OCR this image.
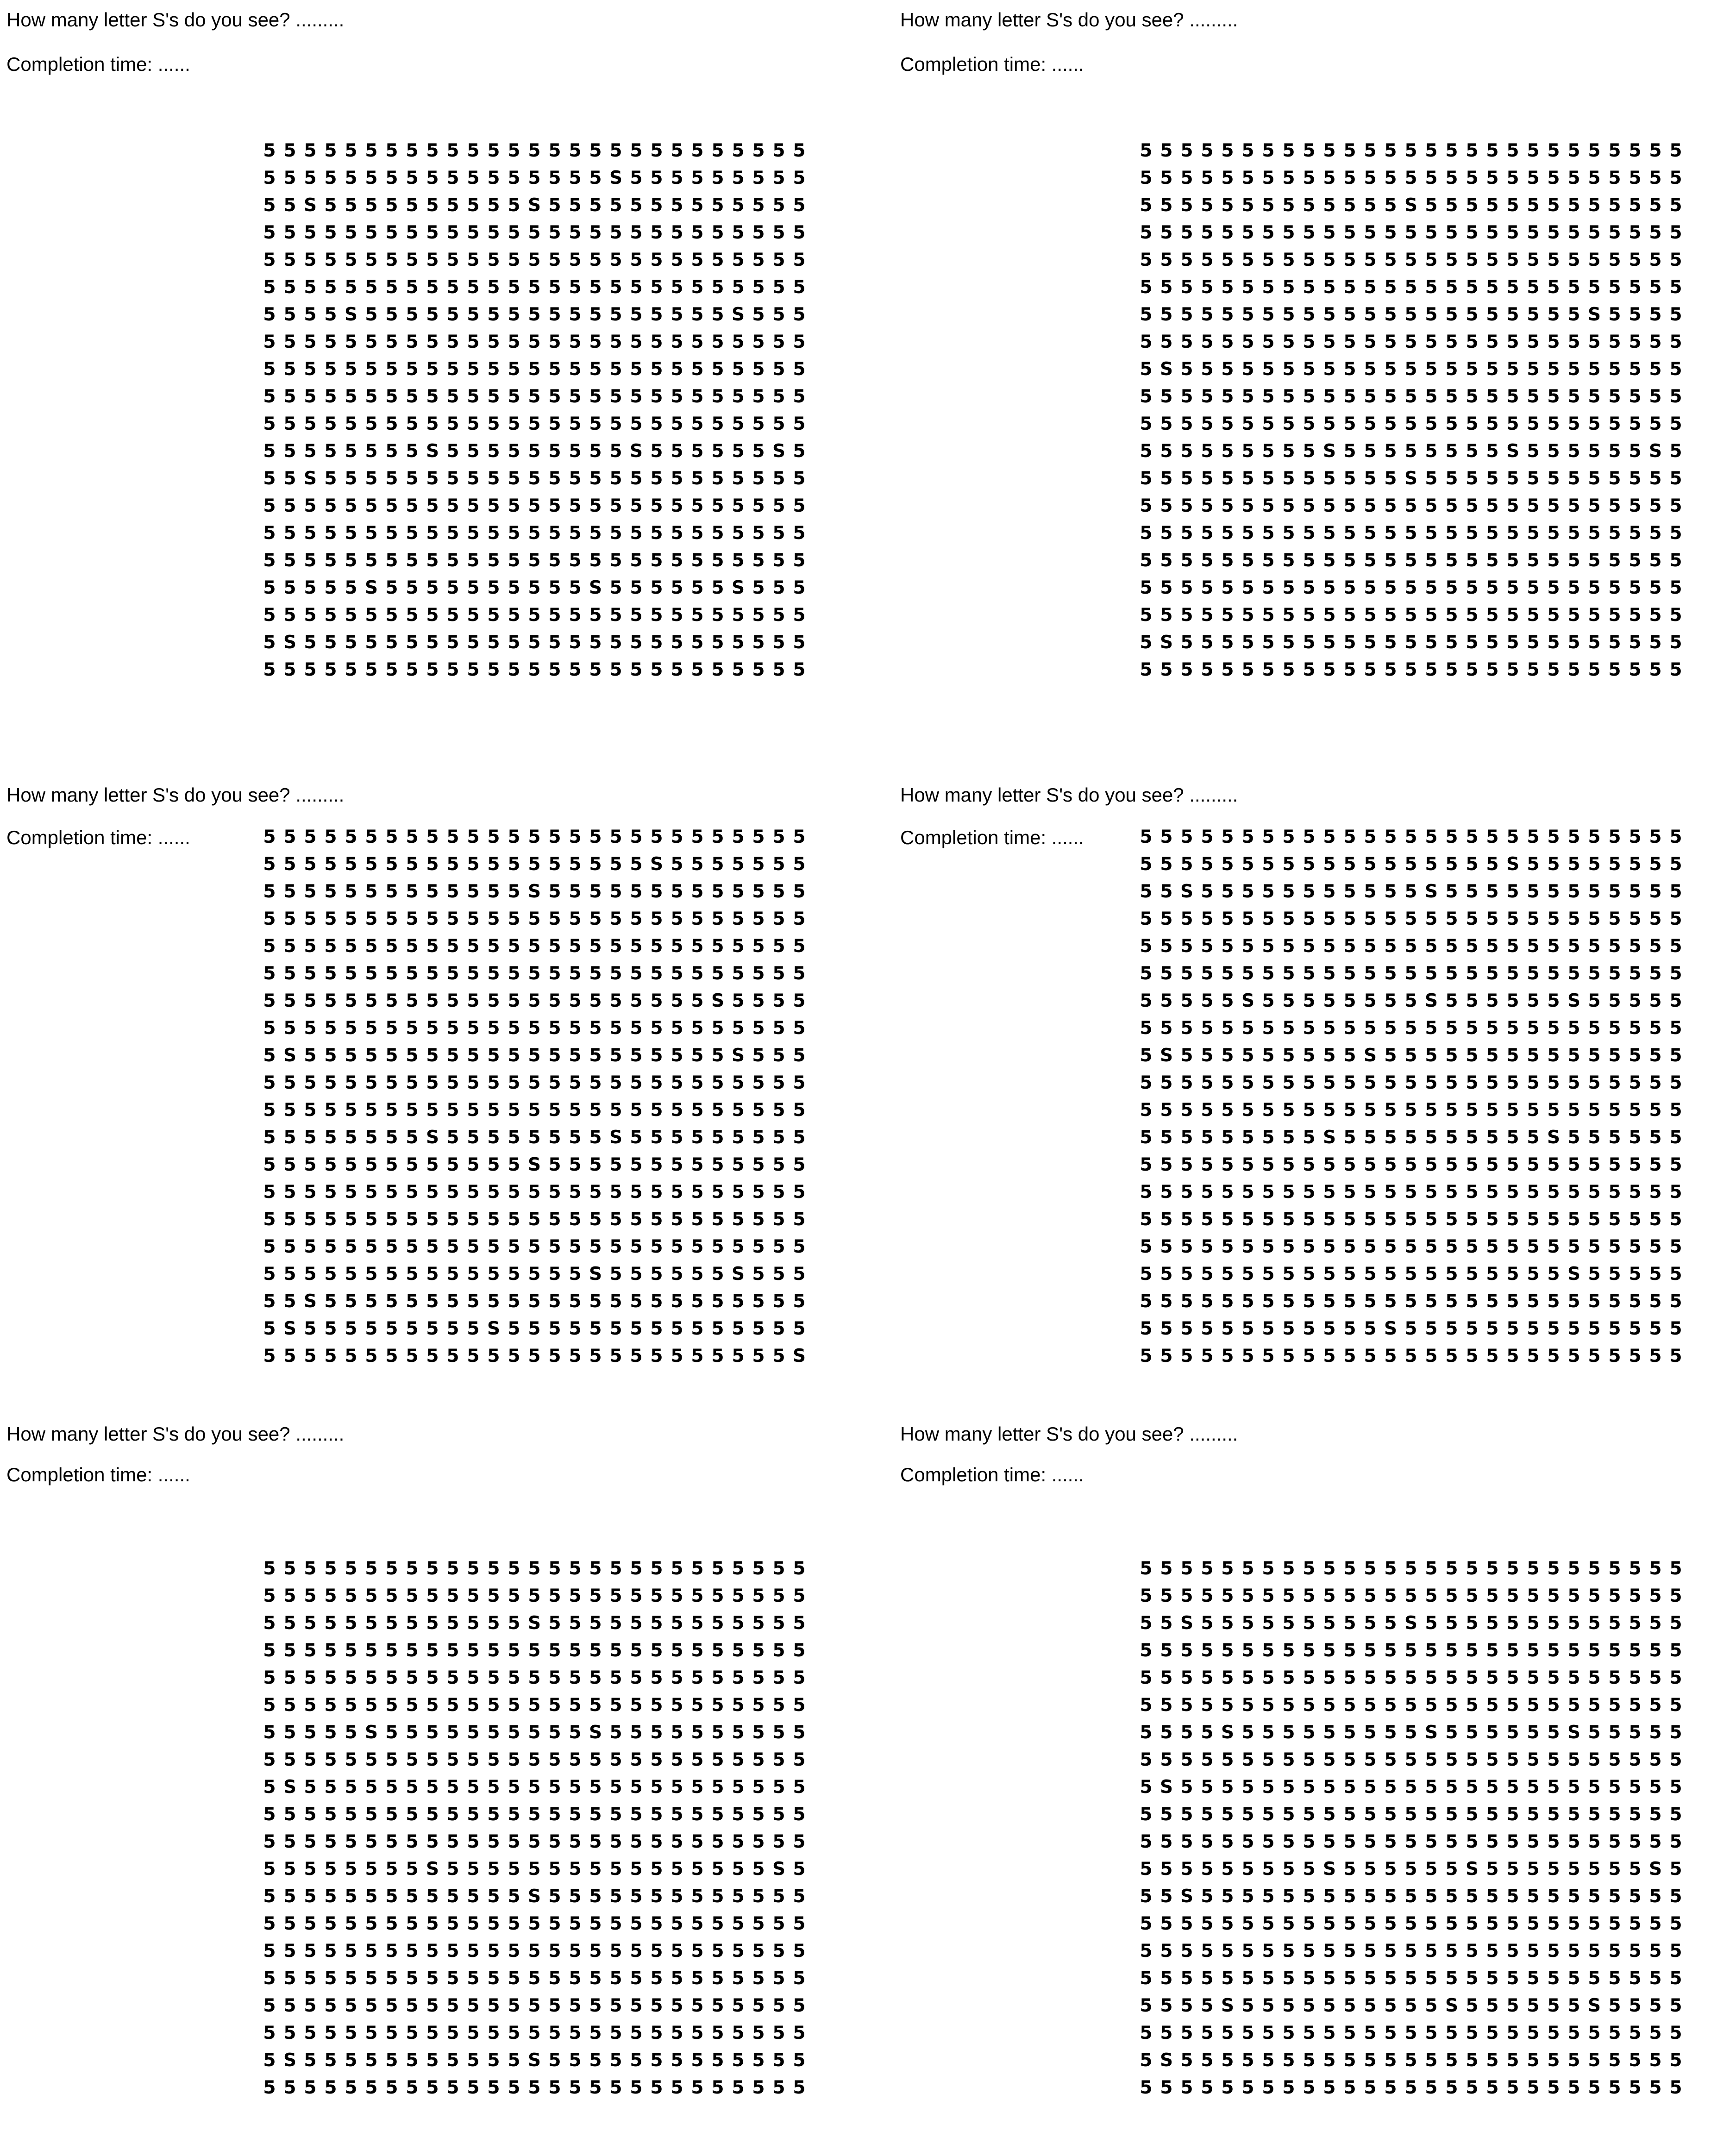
How many letter S's do you see? .........

Completion time: ......

5 5 5 5 5 5 5 5 5 5 5 5 5 5 5 5 5 5 5 5 5 5 5 5 5 5 5
5 5 5 5 5 5 5 5 5 5 5 5 5 5 5 5 5 S 5 5 5 5 5 5 5 5 5
5 5 S 5 5 5 5 5 5 5 5 5 5 S 5 5 5 5 5 5 5 5 5 5 5 5 5
5 5 5 5 5 5 5 5 5 5 5 5 5 5 5 5 5 5 5 5 5 5 5 5 5 5 5
5 5 5 5 5 5 5 5 5 5 5 5 5 5 5 5 5 5 5 5 5 5 5 5 5 5 5
5 5 5 5 5 5 5 5 5 5 5 5 5 5 5 5 5 5 5 5 5 5 5 5 5 5 5
5 5 5 5 S 5 5 5 5 5 5 5 5 5 5 5 5 5 5 5 5 5 5 S 5 5 5
5 5 5 5 5 5 5 5 5 5 5 5 5 5 5 5 5 5 5 5 5 5 5 5 5 5 5
5 5 5 5 5 5 5 5 5 5 5 5 5 5 5 5 5 5 5 5 5 5 5 5 5 5 5
5 5 5 5 5 5 5 5 5 5 5 5 5 5 5 5 5 5 5 5 5 5 5 5 5 5 5
5 5 5 5 5 5 5 5 5 5 5 5 5 5 5 5 5 5 5 5 5 5 5 5 5 5 5
5 5 5 5 5 5 5 5 S 5 5 5 5 5 5 5 5 5 S 5 5 5 5 5 5 S 5
5 5 S 5 5 5 5 5 5 5 5 5 5 5 5 5 5 5 5 5 5 5 5 5 5 5 5
5 5 5 5 5 5 5 5 5 5 5 5 5 5 5 5 5 5 5 5 5 5 5 5 5 5 5
5 5 5 5 5 5 5 5 5 5 5 5 5 5 5 5 5 5 5 5 5 5 5 5 5 5 5
5 5 5 5 5 5 5 5 5 5 5 5 5 5 5 5 5 5 5 5 5 5 5 5 5 5 5
5 5 5 5 5 S 5 5 5 5 5 5 5 5 5 5 S 5 5 5 5 5 5 S 5 5 5
5 5 5 5 5 5 5 5 5 5 5 5 5 5 5 5 5 5 5 5 5 5 5 5 5 5 5
5 S 5 5 5 5 5 5 5 5 5 5 5 5 5 5 5 5 5 5 5 5 5 5 5 5 5
5 5 5 5 5 5 5 5 5 5 5 5 5 5 5 5 5 5 5 5 5 5 5 5 5 5 5

How many letter S's do you see? .........

Completion time: ......

5 5 5 5 5 5 5 5 5 5 5 5 5 5 5 5 5 5 5 5 5 5 5 5 5 5 5
5 5 5 5 5 5 5 5 5 5 5 5 5 5 5 5 5 5 5 5 5 5 5 5 5 5 5
5 5 5 5 5 5 5 5 5 5 5 5 5 S 5 5 5 5 5 5 5 5 5 5 5 5 5
5 5 5 5 5 5 5 5 5 5 5 5 5 5 5 5 5 5 5 5 5 5 5 5 5 5 5
5 5 5 5 5 5 5 5 5 5 5 5 5 5 5 5 5 5 5 5 5 5 5 5 5 5 5
5 5 5 5 5 5 5 5 5 5 5 5 5 5 5 5 5 5 5 5 5 5 5 5 5 5 5
5 5 5 5 5 5 5 5 5 5 5 5 5 5 5 5 5 5 5 5 5 5 S 5 5 5 5
5 5 5 5 5 5 5 5 5 5 5 5 5 5 5 5 5 5 5 5 5 5 5 5 5 5 5
5 S 5 5 5 5 5 5 5 5 5 5 5 5 5 5 5 5 5 5 5 5 5 5 5 5 5
5 5 5 5 5 5 5 5 5 5 5 5 5 5 5 5 5 5 5 5 5 5 5 5 5 5 5
5 5 5 5 5 5 5 5 5 5 5 5 5 5 5 5 5 5 5 5 5 5 5 5 5 5 5
5 5 5 5 5 5 5 5 5 S 5 5 5 5 5 5 5 5 S 5 5 5 5 5 5 S 5
5 5 5 5 5 5 5 5 5 5 5 5 5 S 5 5 5 5 5 5 5 5 5 5 5 5 5
5 5 5 5 5 5 5 5 5 5 5 5 5 5 5 5 5 5 5 5 5 5 5 5 5 5 5
5 5 5 5 5 5 5 5 5 5 5 5 5 5 5 5 5 5 5 5 5 5 5 5 5 5 5
5 5 5 5 5 5 5 5 5 5 5 5 5 5 5 5 5 5 5 5 5 5 5 5 5 5 5
5 5 5 5 5 5 5 5 5 5 5 5 5 5 5 5 5 5 5 5 5 5 5 5 5 5 5
5 5 5 5 5 5 5 5 5 5 5 5 5 5 5 5 5 5 5 5 5 5 5 5 5 5 5
5 S 5 5 5 5 5 5 5 5 5 5 5 5 5 5 5 5 5 5 5 5 5 5 5 5 5
5 5 5 5 5 5 5 5 5 5 5 5 5 5 5 5 5 5 5 5 5 5 5 5 5 5 5

How many letter S's do you see? .........

Completion time: ......	5 5 5 5 5 5 5 5 5 5 5 5 5 5 5 5 5 5 5 5 5 5 5 5 5 5 5
5 5 5 5 5 5 5 5 5 5 5 5 5 5 5 5 5 5 5 S 5 5 5 5 5 5 5
5 5 5 5 5 5 5 5 5 5 5 5 5 S 5 5 5 5 5 5 5 5 5 5 5 5 5
5 5 5 5 5 5 5 5 5 5 5 5 5 5 5 5 5 5 5 5 5 5 5 5 5 5 5
5 5 5 5 5 5 5 5 5 5 5 5 5 5 5 5 5 5 5 5 5 5 5 5 5 5 5
5 5 5 5 5 5 5 5 5 5 5 5 5 5 5 5 5 5 5 5 5 5 5 5 5 5 5
5 5 5 5 5 5 5 5 5 5 5 5 5 5 5 5 5 5 5 5 5 5 S 5 5 5 5
5 5 5 5 5 5 5 5 5 5 5 5 5 5 5 5 5 5 5 5 5 5 5 5 5 5 5
5 S 5 5 5 5 5 5 5 5 5 5 5 5 5 5 5 5 5 5 5 5 5 S 5 5 5
5 5 5 5 5 5 5 5 5 5 5 5 5 5 5 5 5 5 5 5 5 5 5 5 5 5 5
5 5 5 5 5 5 5 5 5 5 5 5 5 5 5 5 5 5 5 5 5 5 5 5 5 5 5
5 5 5 5 5 5 5 5 S 5 5 5 5 5 5 5 5 S 5 5 5 5 5 5 5 5 5
5 5 5 5 5 5 5 5 5 5 5 5 5 S 5 5 5 5 5 5 5 5 5 5 5 5 5
5 5 5 5 5 5 5 5 5 5 5 5 5 5 5 5 5 5 5 5 5 5 5 5 5 5 5
5 5 5 5 5 5 5 5 5 5 5 5 5 5 5 5 5 5 5 5 5 5 5 5 5 5 5
5 5 5 5 5 5 5 5 5 5 5 5 5 5 5 5 5 5 5 5 5 5 5 5 5 5 5
5 5 5 5 5 5 5 5 5 5 5 5 5 5 5 5 S 5 5 5 5 5 5 S 5 5 5
5 5 S 5 5 5 5 5 5 5 5 5 5 5 5 5 5 5 5 5 5 5 5 5 5 5 5
5 S 5 5 5 5 5 5 5 5 5 S 5 5 5 5 5 5 5 5 5 5 5 5 5 5 5
5 5 5 5 5 5 5 5 5 5 5 5 5 5 5 5 5 5 5 5 5 5 5 5 5 5 S

How many letter S's do you see? .........

Completion time: ......	5 5 5 5 5 5 5 5 5 5 5 5 5 5 5 5 5 5 5 5 5 5 5 5 5 5 5
5 5 5 5 5 5 5 5 5 5 5 5 5 5 5 5 5 5 S 5 5 5 5 5 5 5 5
5 5 S 5 5 5 5 5 5 5 5 5 5 5 S 5 5 5 5 5 5 5 5 5 5 5 5
5 5 5 5 5 5 5 5 5 5 5 5 5 5 5 5 5 5 5 5 5 5 5 5 5 5 5
5 5 5 5 5 5 5 5 5 5 5 5 5 5 5 5 5 5 5 5 5 5 5 5 5 5 5
5 5 5 5 5 5 5 5 5 5 5 5 5 5 5 5 5 5 5 5 5 5 5 5 5 5 5
5 5 5 5 5 S 5 5 5 5 5 5 5 5 S 5 5 5 5 5 5 S 5 5 5 5 5
5 5 5 5 5 5 5 5 5 5 5 5 5 5 5 5 5 5 5 5 5 5 5 5 5 5 5
5 S 5 5 5 5 5 5 5 5 5 S 5 5 5 5 5 5 5 5 5 5 5 5 5 5 5
5 5 5 5 5 5 5 5 5 5 5 5 5 5 5 5 5 5 5 5 5 5 5 5 5 5 5
5 5 5 5 5 5 5 5 5 5 5 5 5 5 5 5 5 5 5 5 5 5 5 5 5 5 5
5 5 5 5 5 5 5 5 5 S 5 5 5 5 5 5 5 5 5 5 S 5 5 5 5 5 5
5 5 5 5 5 5 5 5 5 5 5 5 5 5 5 5 5 5 5 5 5 5 5 5 5 5 5
5 5 5 5 5 5 5 5 5 5 5 5 5 5 5 5 5 5 5 5 5 5 5 5 5 5 5
5 5 5 5 5 5 5 5 5 5 5 5 5 5 5 5 5 5 5 5 5 5 5 5 5 5 5
5 5 5 5 5 5 5 5 5 5 5 5 5 5 5 5 5 5 5 5 5 5 5 5 5 5 5
5 5 5 5 5 5 5 5 5 5 5 5 5 5 5 5 5 5 5 5 5 S 5 5 5 5 5
5 5 5 5 5 5 5 5 5 5 5 5 5 5 5 5 5 5 5 5 5 5 5 5 5 5 5
5 5 5 5 5 5 5 5 5 5 5 5 S 5 5 5 5 5 5 5 5 5 5 5 5 5 5
5 5 5 5 5 5 5 5 5 5 5 5 5 5 5 5 5 5 5 5 5 5 5 5 5 5 5

How many letter S's do you see? .........

Completion time: ......

5 5 5 5 5 5 5 5 5 5 5 5 5 5 5 5 5 5 5 5 5 5 5 5 5 5 5
5 5 5 5 5 5 5 5 5 5 5 5 5 5 5 5 5 5 5 5 5 5 5 5 5 5 5
5 5 5 5 5 5 5 5 5 5 5 5 5 S 5 5 5 5 5 5 5 5 5 5 5 5 5
5 5 5 5 5 5 5 5 5 5 5 5 5 5 5 5 5 5 5 5 5 5 5 5 5 5 5
5 5 5 5 5 5 5 5 5 5 5 5 5 5 5 5 5 5 5 5 5 5 5 5 5 5 5
5 5 5 5 5 5 5 5 5 5 5 5 5 5 5 5 5 5 5 5 5 5 5 5 5 5 5
5 5 5 5 5 S 5 5 5 5 5 5 5 5 5 5 S 5 5 5 5 5 5 5 5 5 5
5 5 5 5 5 5 5 5 5 5 5 5 5 5 5 5 5 5 5 5 5 5 5 5 5 5 5
5 S 5 5 5 5 5 5 5 5 5 5 5 5 5 5 5 5 5 5 5 5 5 5 5 5 5
5 5 5 5 5 5 5 5 5 5 5 5 5 5 5 5 5 5 5 5 5 5 5 5 5 5 5
5 5 5 5 5 5 5 5 5 5 5 5 5 5 5 5 5 5 5 5 5 5 5 5 5 5 5
5 5 5 5 5 5 5 5 S 5 5 5 5 5 5 5 5 5 5 5 5 5 5 5 5 S 5
5 5 5 5 5 5 5 5 5 5 5 5 5 S 5 5 5 5 5 5 5 5 5 5 5 5 5
5 5 5 5 5 5 5 5 5 5 5 5 5 5 5 5 5 5 5 5 5 5 5 5 5 5 5
5 5 5 5 5 5 5 5 5 5 5 5 5 5 5 5 5 5 5 5 5 5 5 5 5 5 5
5 5 5 5 5 5 5 5 5 5 5 5 5 5 5 5 5 5 5 5 5 5 5 5 5 5 5
5 5 5 5 5 5 5 5 5 5 5 5 5 5 5 5 5 5 5 5 5 5 5 5 5 5 5
5 5 5 5 5 5 5 5 5 5 5 5 5 5 5 5 5 5 5 5 5 5 5 5 5 5 5
5 S 5 5 5 5 5 5 5 5 5 5 5 S 5 5 5 5 5 5 5 5 5 5 5 5 5
5 5 5 5 5 5 5 5 5 5 5 5 5 5 5 5 5 5 5 5 5 5 5 5 5 5 5

How many letter S's do you see? .........

Completion time: ......

5 5 5 5 5 5 5 5 5 5 5 5 5 5 5 5 5 5 5 5 5 5 5 5 5 5 5
5 5 5 5 5 5 5 5 5 5 5 5 5 5 5 5 5 5 5 5 5 5 5 5 5 5 5
5 5 S 5 5 5 5 5 5 5 5 5 5 S 5 5 5 5 5 5 5 5 5 5 5 5 5
5 5 5 5 5 5 5 5 5 5 5 5 5 5 5 5 5 5 5 5 5 5 5 5 5 5 5
5 5 5 5 5 5 5 5 5 5 5 5 5 5 5 5 5 5 5 5 5 5 5 5 5 5 5
5 5 5 5 5 5 5 5 5 5 5 5 5 5 5 5 5 5 5 5 5 5 5 5 5 5 5
5 5 5 5 S 5 5 5 5 5 5 5 5 5 S 5 5 5 5 5 5 S 5 5 5 5 5
5 5 5 5 5 5 5 5 5 5 5 5 5 5 5 5 5 5 5 5 5 5 5 5 5 5 5
5 S 5 5 5 5 5 5 5 5 5 5 5 5 5 5 5 5 5 5 5 5 5 5 5 5 5
5 5 5 5 5 5 5 5 5 5 5 5 5 5 5 5 5 5 5 5 5 5 5 5 5 5 5
5 5 5 5 5 5 5 5 5 5 5 5 5 5 5 5 5 5 5 5 5 5 5 5 5 5 5
5 5 5 5 5 5 5 5 5 S 5 5 5 5 5 5 S 5 5 5 5 5 5 5 5 S 5
5 5 S 5 5 5 5 5 5 5 5 5 5 5 5 5 5 5 5 5 5 5 5 5 5 5 5
5 5 5 5 5 5 5 5 5 5 5 5 5 5 5 5 5 5 5 5 5 5 5 5 5 5 5
5 5 5 5 5 5 5 5 5 5 5 5 5 5 5 5 5 5 5 5 5 5 5 5 5 5 5
5 5 5 5 5 5 5 5 5 5 5 5 5 5 5 5 5 5 5 5 5 5 5 5 5 5 5
5 5 5 5 S 5 5 5 5 5 5 5 5 5 5 S 5 5 5 5 5 5 S 5 5 5 5
5 5 5 5 5 5 5 5 5 5 5 5 5 5 5 5 5 5 5 5 5 5 5 5 5 5 5
5 S 5 5 5 5 5 5 5 5 5 5 5 5 5 5 5 5 5 5 5 5 5 5 5 5 5
5 5 5 5 5 5 5 5 5 5 5 5 5 5 5 5 5 5 5 5 5 5 5 5 5 5 5
